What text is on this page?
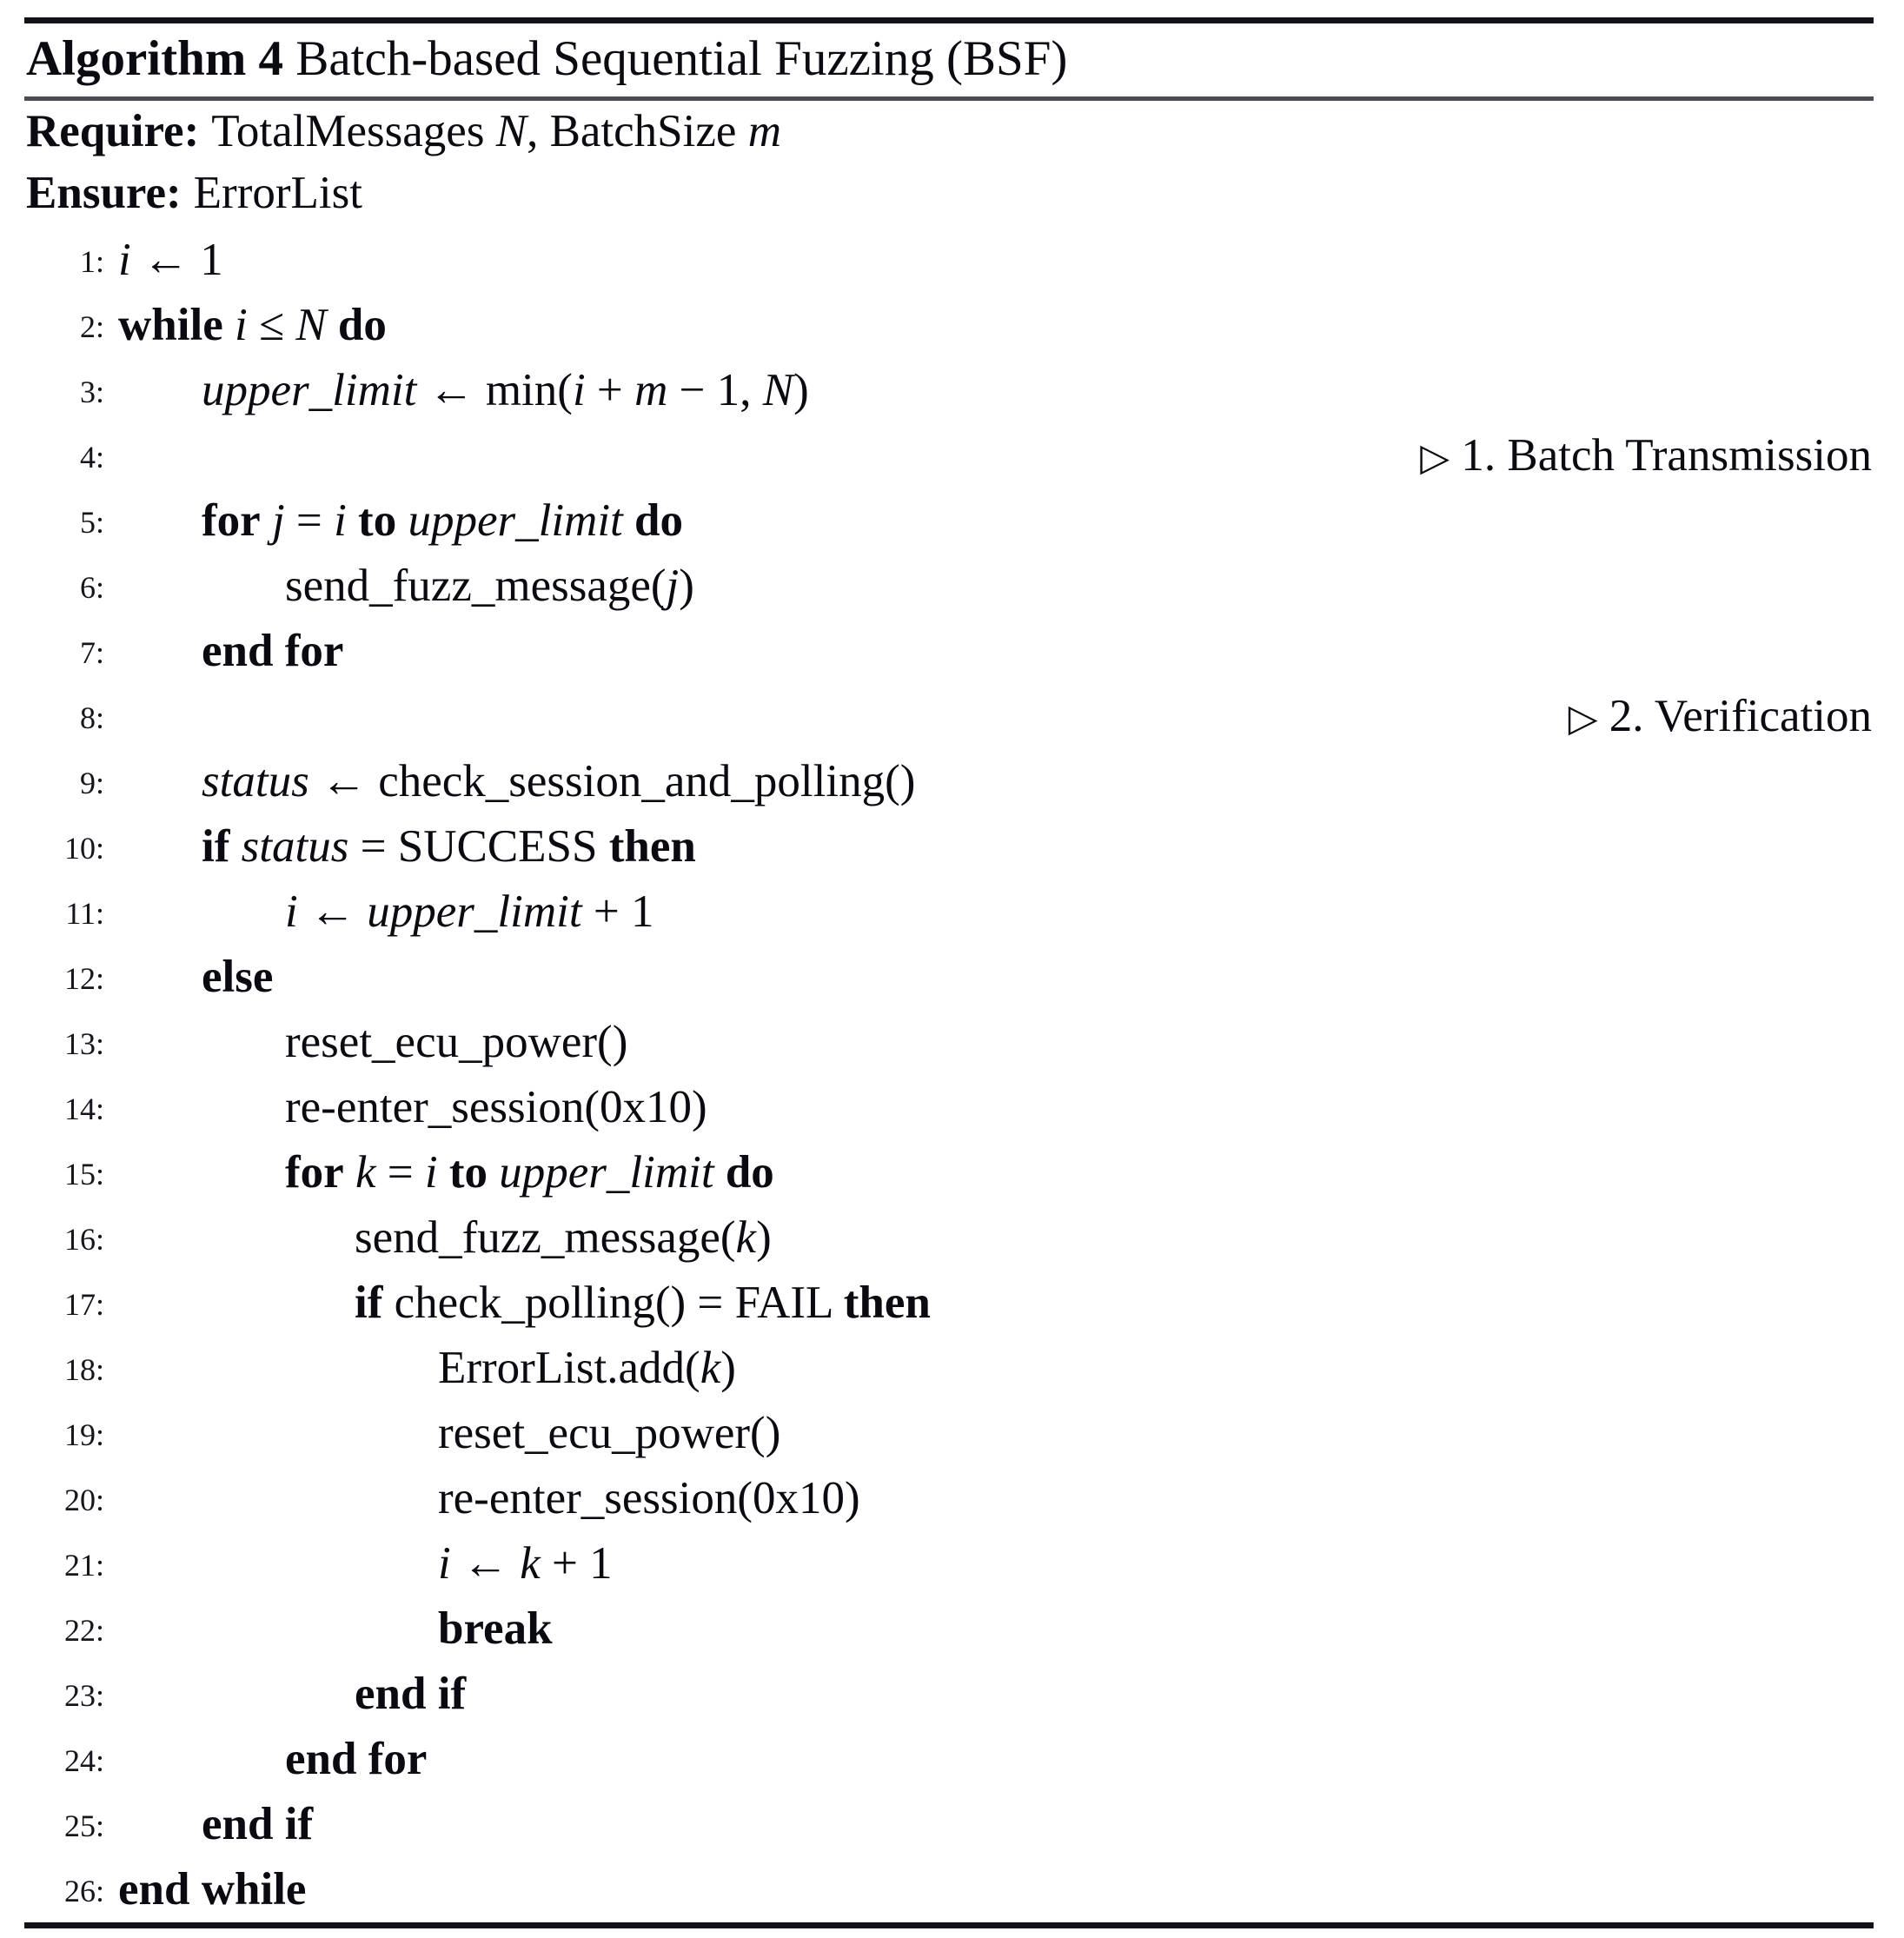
Algorithm 4 Batch-based Sequential Fuzzing (BSF)
Require: TotalMessages N, BatchSize m
Ensure: ErrorList
1: i ← 1
2: while i ≤ N do
3: upper_limit ← min(i + m − 1, N)
4:	▷ 1. Batch Transmission
5: for j = i to upper_limit do
6:	send_fuzz_message(j)
7: end for
8:	▷ 2. Verification
9: status ← check_session_and_polling()
10: if status = SUCCESS then
11:	i ← upper_limit + 1
12: else
13:	reset_ecu_power()
14:	re-enter_session(0x10)
15:	for k = i to upper_limit do
16:	send_fuzz_message(k)
17:	if check_polling() = FAIL then
18:	ErrorList.add(k)
19:	reset_ecu_power()
20:	re-enter_session(0x10)
21:	i ← k + 1
22:	break
23:	end if
24:	end for
25: end if
26: end while
